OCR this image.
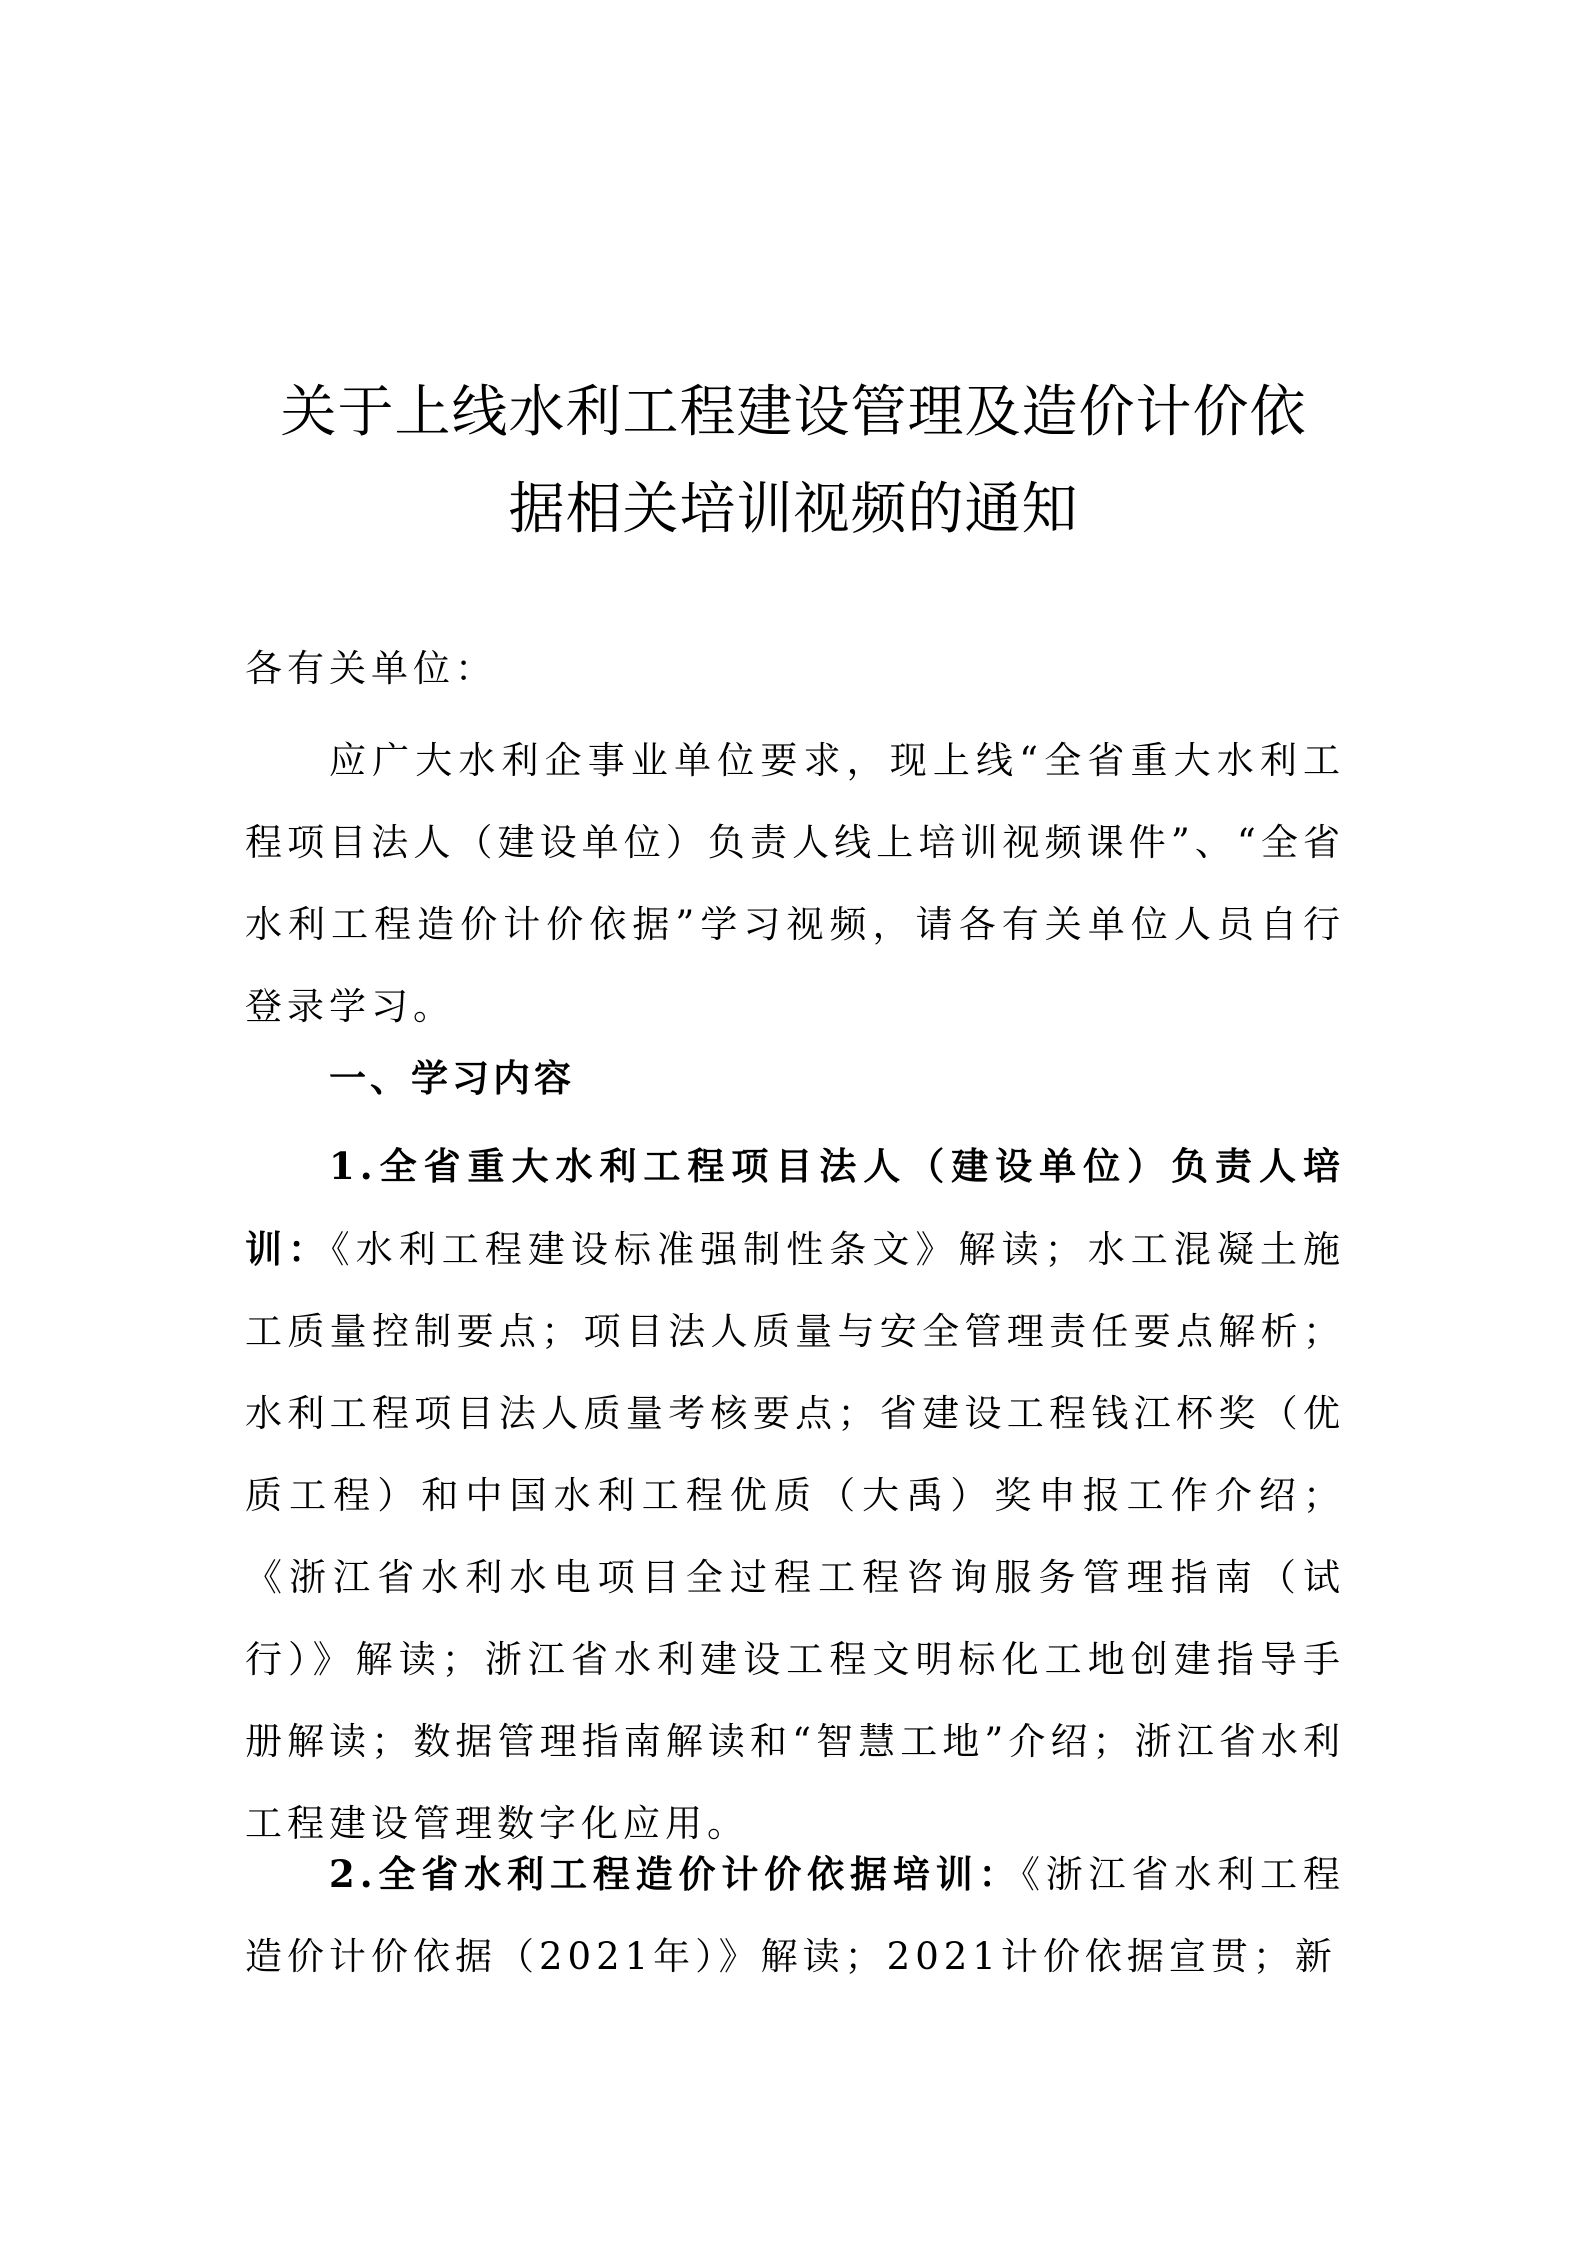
关于上线水利工程建设管理及造价计价依
据相关培训视频的通知

各有关单位：

应广大水利企事业单位要求，现上线“全省重大水利工程项目法人（建设单位）负责人线上培训视频课件”、“全省水利工程造价计价依据”学习视频，请各有关单位人员自行登录学习。

一、学习内容

1.全省重大水利工程项目法人（建设单位）负责人培训：《水利工程建设标准强制性条文》解读；水工混凝土施工质量控制要点；项目法人质量与安全管理责任要点解析；水利工程项目法人质量考核要点；省建设工程钱江杯奖（优质工程）和中国水利工程优质（大禹）奖申报工作介绍；《浙江省水利水电项目全过程工程咨询服务管理指南（试行）》解读；浙江省水利建设工程文明标化工地创建指导手册解读；数据管理指南解读和“智慧工地”介绍；浙江省水利工程建设管理数字化应用。

2.全省水利工程造价计价依据培训：《浙江省水利工程造价计价依据（2021年）》解读；2021计价依据宣贯；新
